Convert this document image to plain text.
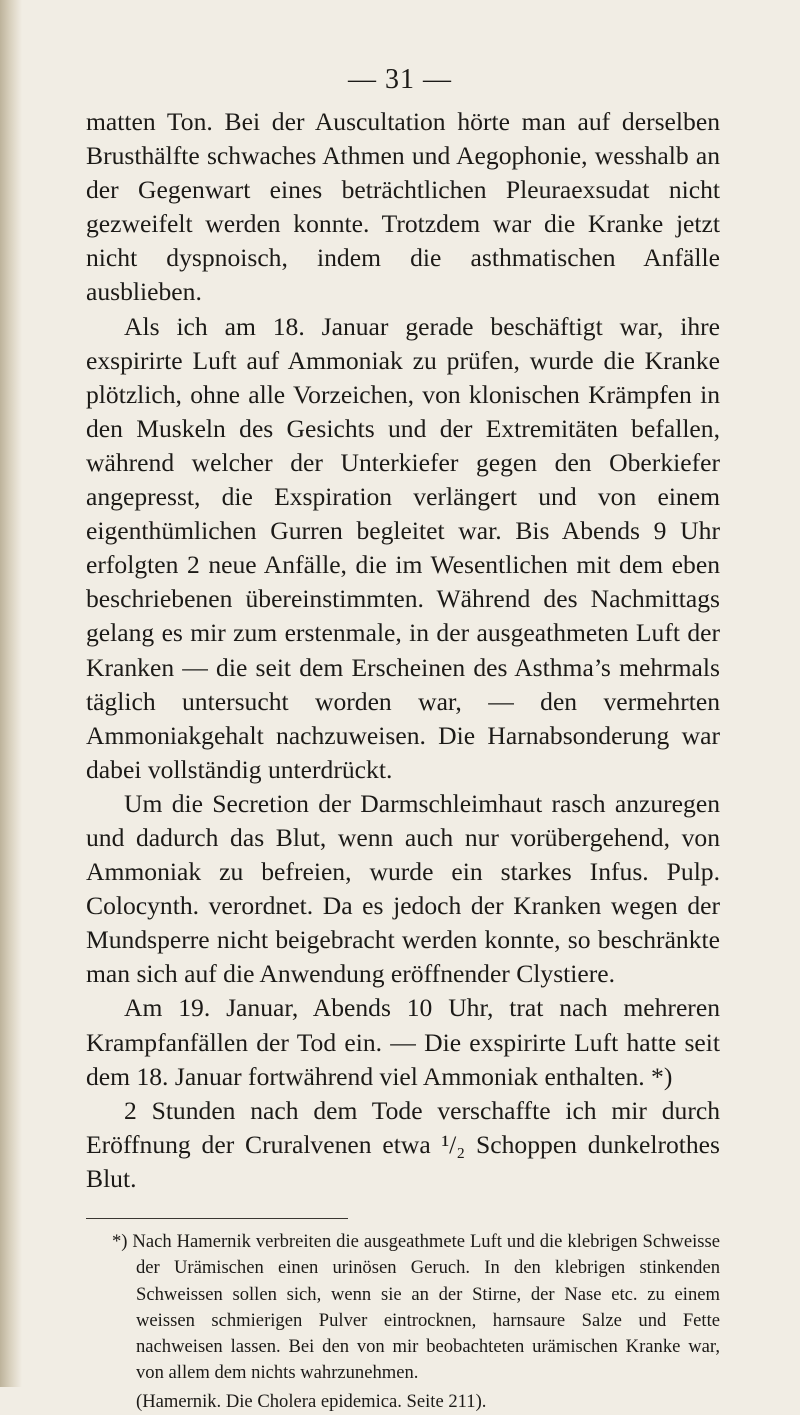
— 31 —

matten Ton. Bei der Auscultation hörte man auf derselben Brusthälfte schwaches Athmen und Aegophonie, wesshalb an der Gegenwart eines beträchtlichen Pleuraexsudat nicht gezweifelt werden konnte. Trotzdem war die Kranke jetzt nicht dyspnoisch, indem die asthmatischen Anfälle ausblieben.

Als ich am 18. Januar gerade beschäftigt war, ihre exspirirte Luft auf Ammoniak zu prüfen, wurde die Kranke plötzlich, ohne alle Vorzeichen, von klonischen Krämpfen in den Muskeln des Gesichts und der Extremitäten befallen, während welcher der Unterkiefer gegen den Oberkiefer angepresst, die Exspiration verlängert und von einem eigenthümlichen Gurren begleitet war. Bis Abends 9 Uhr erfolgten 2 neue Anfälle, die im Wesentlichen mit dem eben beschriebenen übereinstimmten. Während des Nachmittags gelang es mir zum erstenmale, in der ausgeathmeten Luft der Kranken — die seit dem Erscheinen des Asthma’s mehrmals täglich untersucht worden war, — den vermehrten Ammoniakgehalt nachzuweisen. Die Harnabsonderung war dabei vollständig unterdrückt.

Um die Secretion der Darmschleimhaut rasch anzuregen und dadurch das Blut, wenn auch nur vorübergehend, von Ammoniak zu befreien, wurde ein starkes Infus. Pulp. Colocynth. verordnet. Da es jedoch der Kranken wegen der Mundsperre nicht beigebracht werden konnte, so beschränkte man sich auf die Anwendung eröffnender Clystiere.

Am 19. Januar, Abends 10 Uhr, trat nach mehreren Krampfanfällen der Tod ein. — Die exspirirte Luft hatte seit dem 18. Januar fortwährend viel Ammoniak enthalten. *)

2 Stunden nach dem Tode verschaffte ich mir durch Eröffnung der Cruralvenen etwa ¹/₂ Schoppen dunkelrothes Blut.

*) Nach Hamernik verbreiten die ausgeathmete Luft und die klebrigen Schweisse der Urämischen einen urinösen Geruch. In den klebrigen stinkenden Schweissen sollen sich, wenn sie an der Stirne, der Nase etc. zu einem weissen schmierigen Pulver eintrocknen, harnsaure Salze und Fette nachweisen lassen. Bei den von mir beobachteten urämischen Kranke war, von allem dem nichts wahrzunehmen.

(Hamernik. Die Cholera epidemica. Seite 211).
